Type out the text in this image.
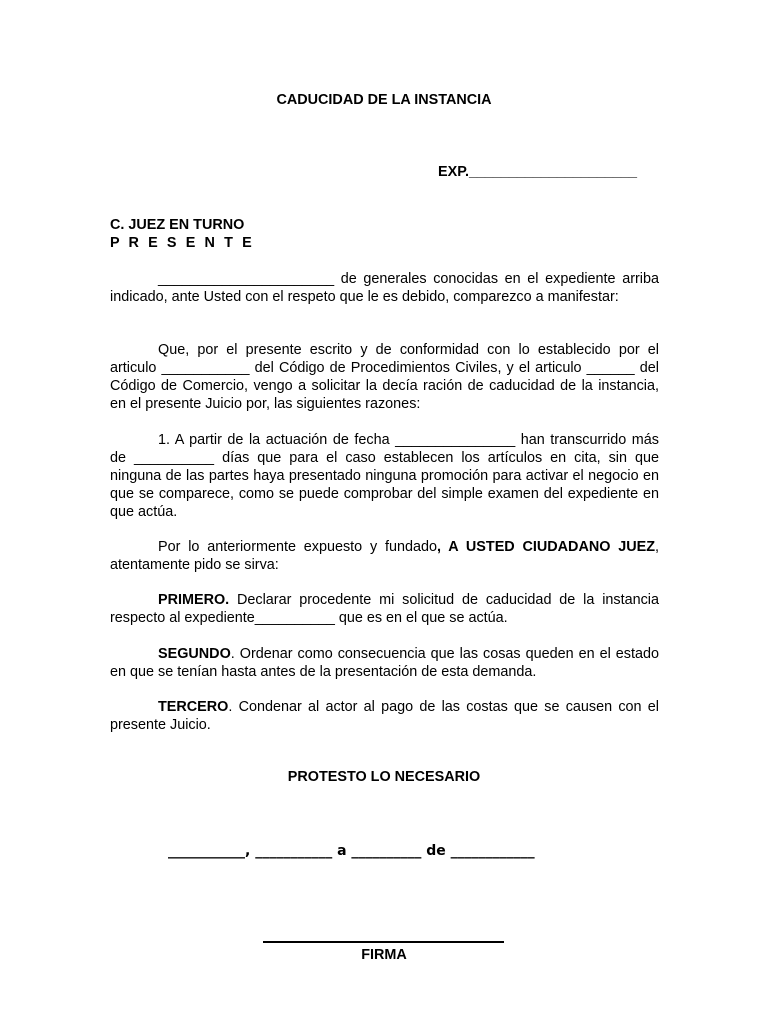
CADUCIDAD DE LA INSTANCIA
EXP._____________________
C. JUEZ EN TURNO
P R E S E N T E
______________________ de generales conocidas en el expediente arriba indicado, ante Usted con el respeto que le es debido, comparezco a manifestar:
Que, por el presente escrito y de conformidad con lo establecido por el articulo ___________ del Código de Procedimientos Civiles, y el articulo ______ del Código de Comercio, vengo a solicitar la decía ración de caducidad de la instancia, en el presente Juicio por, las siguientes razones:
1. A partir de la actuación de fecha _______________ han transcurrido más de __________ días que para el caso establecen los artículos en cita, sin que ninguna de las partes haya presentado ninguna promoción para activar el negocio en que se comparece, como se puede comprobar del simple examen del expediente en que actúa.
Por lo anteriormente expuesto y fundado, A USTED CIUDADANO JUEZ, atentamente pido se sirva:
PRIMERO. Declarar procedente mi solicitud de caducidad de la instancia respecto al expediente__________ que es en el que se actúa.
SEGUNDO. Ordenar como consecuencia que las cosas queden en el estado en que se tenían hasta antes de la presentación de esta demanda.
TERCERO. Condenar al actor al pago de las costas que se causen con el presente Juicio.
PROTESTO LO NECESARIO
___________, ___________ a __________ de ____________
FIRMA
